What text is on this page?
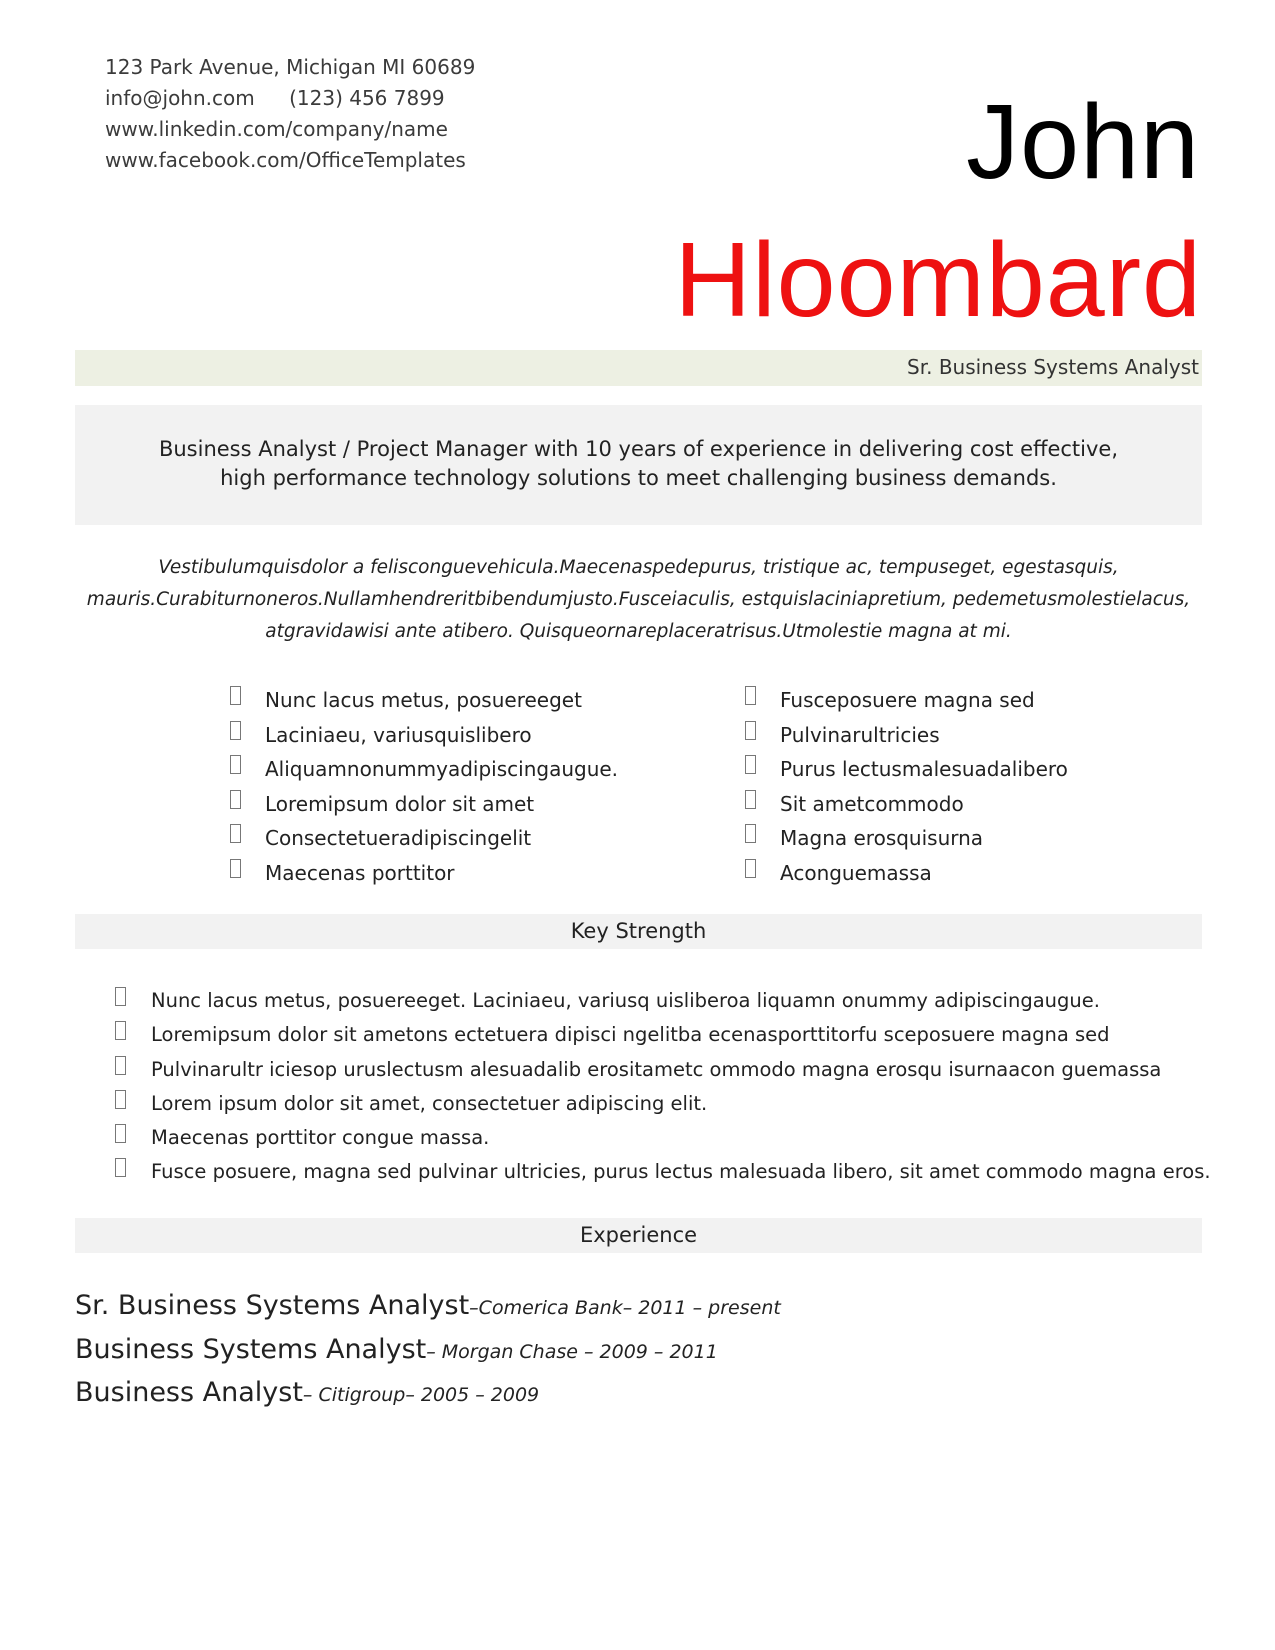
123 Park Avenue, Michigan MI 60689
info@john.com (123) 456 7899
www.linkedin.com/company/name
www.facebook.com/OfficeTemplates	John
Hloombard
Sr. Business Systems Analyst
Business Analyst / Project Manager with 10 years of experience in delivering cost effective,
high performance technology solutions to meet challenging business demands.
Vestibulumquisdolor a felisconguevehicula.Maecenaspedepurus, tristique ac, tempuseget, egestasquis,
mauris.Curabiturnoneros.Nullamhendreritbibendumjusto.Fusceiaculis, estquislaciniapretium, pedemetusmolestielacus,
atgravidawisi ante atibero. Quisqueornareplaceratrisus.Utmolestie magna at mi.
Nunc lacus metus, posuereeget
Laciniaeu, variusquislibero
Aliquamnonummyadipiscingaugue.
Loremipsum dolor sit amet
Consectetueradipiscingelit
Maecenas porttitor
Fusceposuere magna sed
Pulvinarultricies
Purus lectusmalesuadalibero
Sit ametcommodo
Magna erosquisurna
Aconguemassa
Key Strength
Nunc lacus metus, posuereeget. Laciniaeu, variusq uisliberoa liquamn onummy adipiscingaugue.
Loremipsum dolor sit ametons ectetuera dipisci ngelitba ecenasporttitorfu sceposuere magna sed
Pulvinarultr iciesop uruslectusm alesuadalib erositametc ommodo magna erosqu isurnaacon guemassa
Lorem ipsum dolor sit amet, consectetuer adipiscing elit.
Maecenas porttitor congue massa.
Fusce posuere, magna sed pulvinar ultricies, purus lectus malesuada libero, sit amet commodo magna eros.
Experience
Sr. Business Systems Analyst–Comerica Bank– 2011 – present
Business Systems Analyst– Morgan Chase – 2009 – 2011
Business Analyst– Citigroup– 2005 – 2009
